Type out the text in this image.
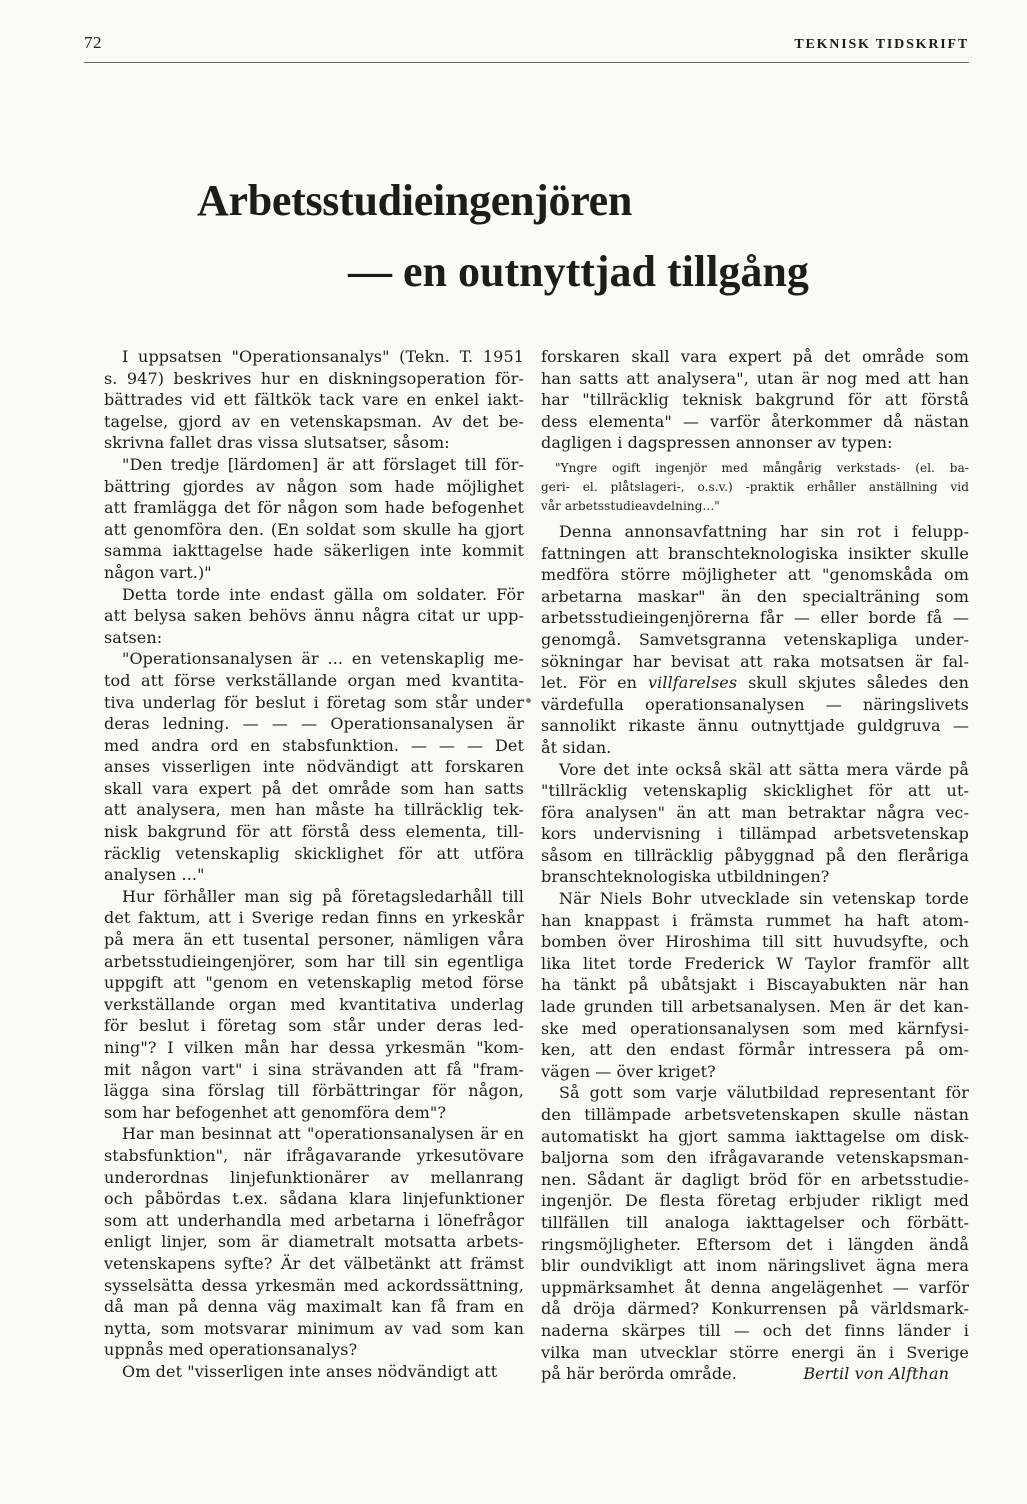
72	TEKNISK TIDSKRIFT
Arbetsstudieingenjören
— en outnyttjad tillgång
I uppsatsen "Operationsanalys" (Tekn. T. 1951
s. 947) beskrives hur en diskningsoperation för-
bättrades vid ett fältkök tack vare en enkel iakt-
tagelse, gjord av en vetenskapsman. Av det be-
skrivna fallet dras vissa slutsatser, såsom:
"Den tredje [lärdomen] är att förslaget till för-
bättring gjordes av någon som hade möjlighet
att framlägga det för någon som hade befogenhet
att genomföra den. (En soldat som skulle ha gjort
samma iakttagelse hade säkerligen inte kommit
någon vart.)"
Detta torde inte endast gälla om soldater. För
att belysa saken behövs ännu några citat ur upp-
satsen:
"Operationsanalysen är ... en vetenskaplig me-
tod att förse verkställande organ med kvantita-
tiva underlag för beslut i företag som står under
deras ledning. — — — Operationsanalysen är
med andra ord en stabsfunktion. — — — Det
anses visserligen inte nödvändigt att forskaren
skall vara expert på det område som han satts
att analysera, men han måste ha tillräcklig tek-
nisk bakgrund för att förstå dess elementa, till-
räcklig vetenskaplig skicklighet för att utföra
analysen ..."
Hur förhåller man sig på företagsledarhåll till
det faktum, att i Sverige redan finns en yrkeskår
på mera än ett tusental personer, nämligen våra
arbetsstudieingenjörer, som har till sin egentliga
uppgift att "genom en vetenskaplig metod förse
verkställande organ med kvantitativa underlag
för beslut i företag som står under deras led-
ning"? I vilken mån har dessa yrkesmän "kom-
mit någon vart" i sina strävanden att få "fram-
lägga sina förslag till förbättringar för någon,
som har befogenhet att genomföra dem"?
Har man besinnat att "operationsanalysen är en
stabsfunktion", när ifrågavarande yrkesutövare
underordnas linjefunktionärer av mellanrang
och påbördas t.ex. sådana klara linjefunktioner
som att underhandla med arbetarna i lönefrågor
enligt linjer, som är diametralt motsatta arbets-
vetenskapens syfte? Är det välbetänkt att främst
sysselsätta dessa yrkesmän med ackordssättning,
då man på denna väg maximalt kan få fram en
nytta, som motsvarar minimum av vad som kan
uppnås med operationsanalys?
Om det "visserligen inte anses nödvändigt att
forskaren skall vara expert på det område som
han satts att analysera", utan är nog med att han
har "tillräcklig teknisk bakgrund för att förstå
dess elementa" — varför återkommer då nästan
dagligen i dagspressen annonser av typen:
"Yngre ogift ingenjör med mångårig verkstads- (el. ba-
geri- el. plåtslageri-, o.s.v.) -praktik erhåller anställning vid
vår arbetsstudieavdelning..."
Denna annonsavfattning har sin rot i felupp-
fattningen att branschteknologiska insikter skulle
medföra större möjligheter att "genomskåda om
arbetarna maskar" än den specialträning som
arbetsstudieingenjörerna får — eller borde få —
genomgå. Samvetsgranna vetenskapliga under-
sökningar har bevisat att raka motsatsen är fal-
let. För en villfarelses skull skjutes således den
värdefulla operationsanalysen — näringslivets
sannolikt rikaste ännu outnyttjade guldgruva —
åt sidan.
Vore det inte också skäl att sätta mera värde på
"tillräcklig vetenskaplig skicklighet för att ut-
föra analysen" än att man betraktar några vec-
kors undervisning i tillämpad arbetsvetenskap
såsom en tillräcklig påbyggnad på den fleråriga
branschteknologiska utbildningen?
När Niels Bohr utvecklade sin vetenskap torde
han knappast i främsta rummet ha haft atom-
bomben över Hiroshima till sitt huvudsyfte, och
lika litet torde Frederick W Taylor framför allt
ha tänkt på ubåtsjakt i Biscayabukten när han
lade grunden till arbetsanalysen. Men är det kan-
ske med operationsanalysen som med kärnfysi-
ken, att den endast förmår intressera på om-
vägen — över kriget?
Så gott som varje välutbildad representant för
den tillämpade arbetsvetenskapen skulle nästan
automatiskt ha gjort samma iakttagelse om disk-
baljorna som den ifrågavarande vetenskapsman-
nen. Sådant är dagligt bröd för en arbetsstudie-
ingenjör. De flesta företag erbjuder rikligt med
tillfällen till analoga iakttagelser och förbätt-
ringsmöjligheter. Eftersom det i längden ändå
blir oundvikligt att inom näringslivet ägna mera
uppmärksamhet åt denna angelägenhet — varför
då dröja därmed? Konkurrensen på världsmark-
naderna skärpes till — och det finns länder i
vilka man utvecklar större energi än i Sverige
på här berörda område.	Bertil von Alfthan
